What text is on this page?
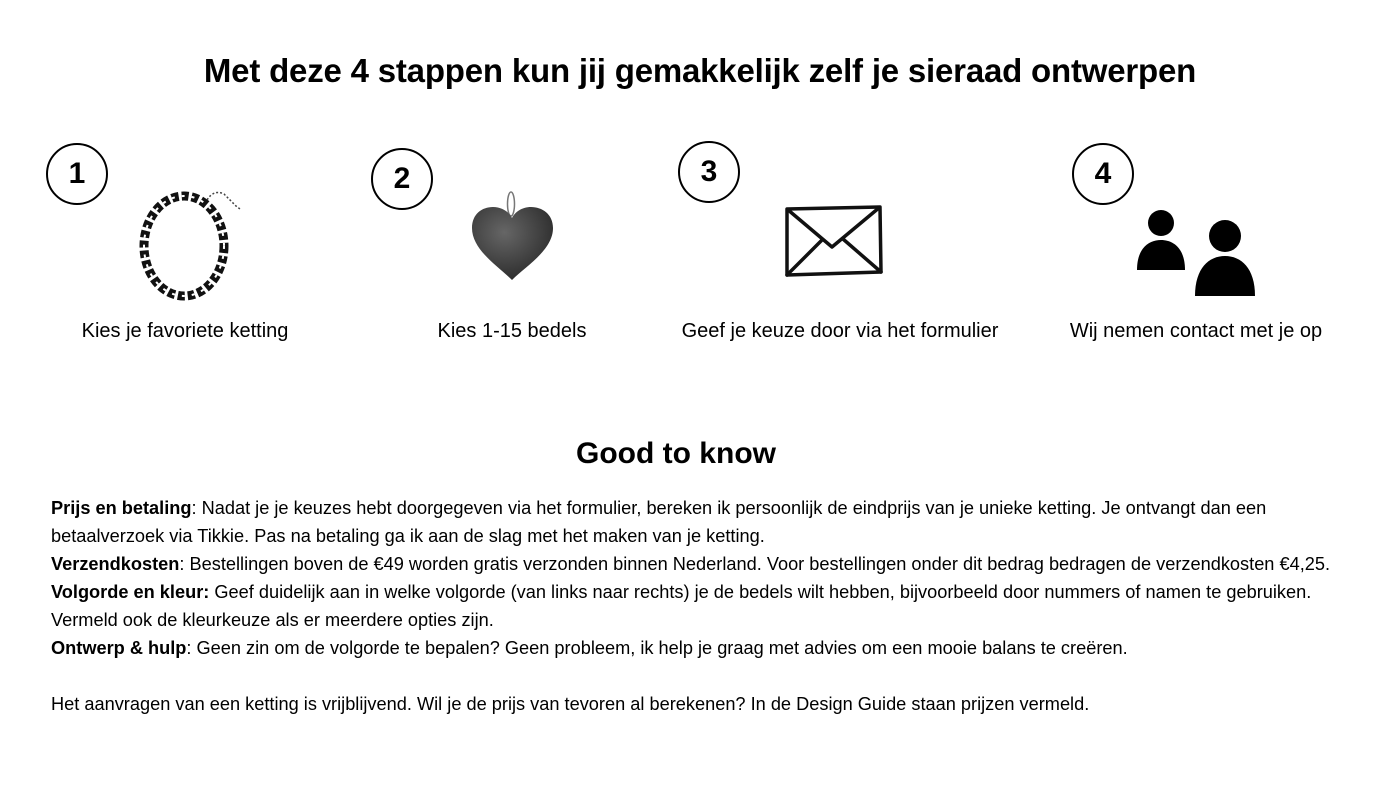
Met deze 4 stappen kun jij gemakkelijk zelf je sieraad ontwerpen
1
Kies je favoriete ketting
2
Kies 1-15 bedels
3
Geef je keuze door via het formulier
4
Wij nemen contact met je op
Good to know

Prijs en betaling: Nadat je je keuzes hebt doorgegeven via het formulier, bereken ik persoonlijk de eindprijs van je unieke ketting. Je ontvangt dan een betaalverzoek via Tikkie. Pas na betaling ga ik aan de slag met het maken van je ketting.

Verzendkosten: Bestellingen boven de €49 worden gratis verzonden binnen Nederland. Voor bestellingen onder dit bedrag bedragen de verzendkosten €4,25.

Volgorde en kleur: Geef duidelijk aan in welke volgorde (van links naar rechts) je de bedels wilt hebben, bijvoorbeeld door nummers of namen te gebruiken. Vermeld ook de kleurkeuze als er meerdere opties zijn.

Ontwerp & hulp: Geen zin om de volgorde te bepalen? Geen probleem, ik help je graag met advies om een mooie balans te creëren.

Het aanvragen van een ketting is vrijblijvend. Wil je de prijs van tevoren al berekenen? In de Design Guide staan prijzen vermeld.
